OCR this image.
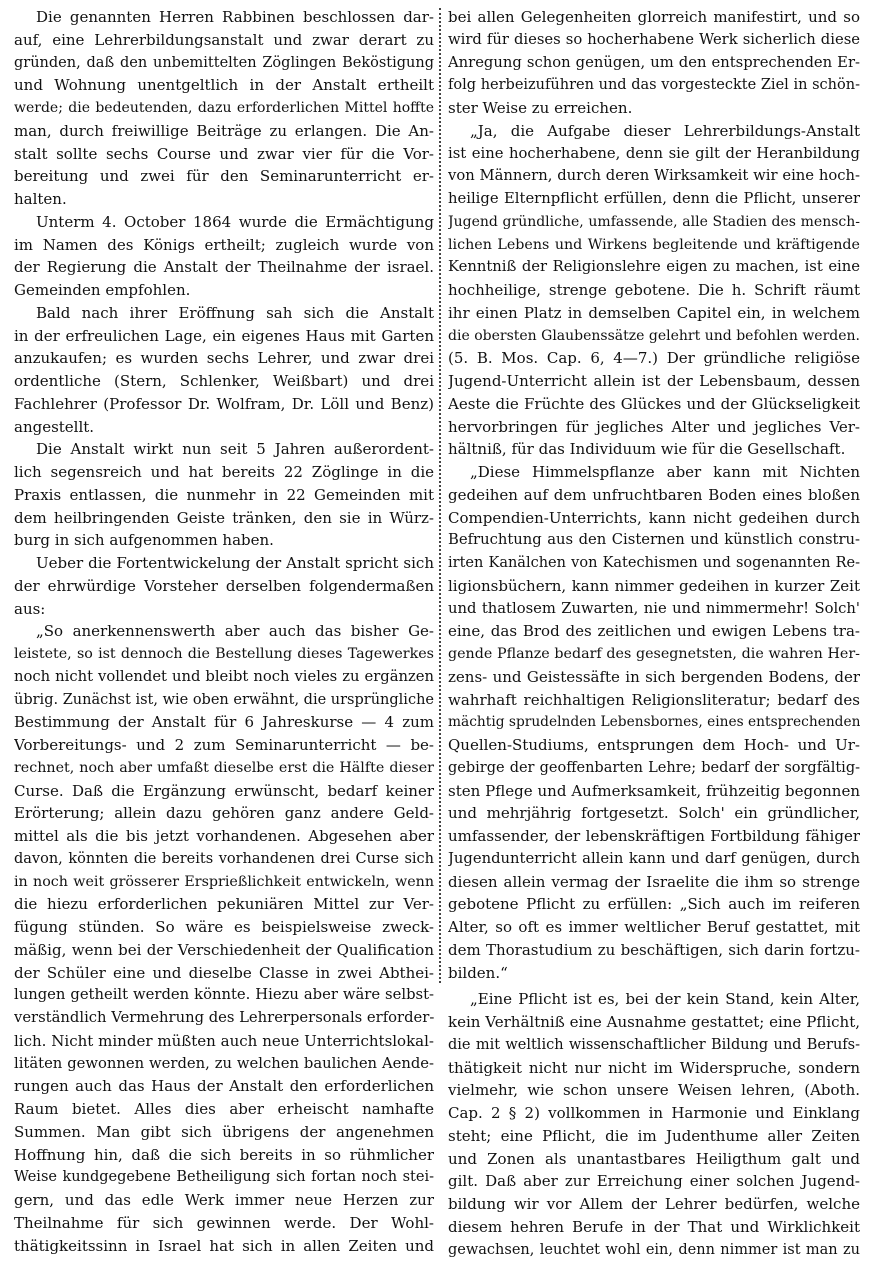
Die genannten Herren Rabbinen beschlossen dar-
auf, eine Lehrerbildungsanstalt und zwar derart zu
gründen, daß den unbemittelten Zöglingen Beköstigung
und Wohnung unentgeltlich in der Anstalt ertheilt
werde; die bedeutenden, dazu erforderlichen Mittel hoffte
man, durch freiwillige Beiträge zu erlangen. Die An-
stalt sollte sechs Course und zwar vier für die Vor-
bereitung und zwei für den Seminarunterricht er-
halten.
Unterm 4. October 1864 wurde die Ermächtigung
im Namen des Königs ertheilt; zugleich wurde von
der Regierung die Anstalt der Theilnahme der israel.
Gemeinden empfohlen.
Bald nach ihrer Eröffnung sah sich die Anstalt
in der erfreulichen Lage, ein eigenes Haus mit Garten
anzukaufen; es wurden sechs Lehrer, und zwar drei
ordentliche (Stern, Schlenker, Weißbart) und drei
Fachlehrer (Professor Dr. Wolfram, Dr. Löll und Benz)
angestellt.
Die Anstalt wirkt nun seit 5 Jahren außerordent-
lich segensreich und hat bereits 22 Zöglinge in die
Praxis entlassen, die nunmehr in 22 Gemeinden mit
dem heilbringenden Geiste tränken, den sie in Würz-
burg in sich aufgenommen haben.
Ueber die Fortentwickelung der Anstalt spricht sich
der ehrwürdige Vorsteher derselben folgendermaßen
aus:
„So anerkennenswerth aber auch das bisher Ge-
leistete, so ist dennoch die Bestellung dieses Tagewerkes
noch nicht vollendet und bleibt noch vieles zu ergänzen
übrig. Zunächst ist, wie oben erwähnt, die ursprüngliche
Bestimmung der Anstalt für 6 Jahreskurse — 4 zum
Vorbereitungs- und 2 zum Seminarunterricht — be-
rechnet, noch aber umfaßt dieselbe erst die Hälfte dieser
Curse. Daß die Ergänzung erwünscht, bedarf keiner
Erörterung; allein dazu gehören ganz andere Geld-
mittel als die bis jetzt vorhandenen. Abgesehen aber
davon, könnten die bereits vorhandenen drei Curse sich
in noch weit grösserer Ersprießlichkeit entwickeln, wenn
die hiezu erforderlichen pekuniären Mittel zur Ver-
fügung stünden. So wäre es beispielsweise zweck-
mäßig, wenn bei der Verschiedenheit der Qualification
der Schüler eine und dieselbe Classe in zwei Abthei-
lungen getheilt werden könnte. Hiezu aber wäre selbst-
verständlich Vermehrung des Lehrerpersonals erforder-
lich. Nicht minder müßten auch neue Unterrichtslokal-
litäten gewonnen werden, zu welchen baulichen Aende-
rungen auch das Haus der Anstalt den erforderlichen
Raum bietet. Alles dies aber erheischt namhafte
Summen. Man gibt sich übrigens der angenehmen
Hoffnung hin, daß die sich bereits in so rühmlicher
Weise kundgegebene Betheiligung sich fortan noch stei-
gern, und das edle Werk immer neue Herzen zur
Theilnahme für sich gewinnen werde. Der Wohl-
thätigkeitssinn in Israel hat sich in allen Zeiten und
bei allen Gelegenheiten glorreich manifestirt, und so
wird für dieses so hocherhabene Werk sicherlich diese
Anregung schon genügen, um den entsprechenden Er-
folg herbeizuführen und das vorgesteckte Ziel in schön-
ster Weise zu erreichen.
„Ja, die Aufgabe dieser Lehrerbildungs-Anstalt
ist eine hocherhabene, denn sie gilt der Heranbildung
von Männern, durch deren Wirksamkeit wir eine hoch-
heilige Elternpflicht erfüllen, denn die Pflicht, unserer
Jugend gründliche, umfassende, alle Stadien des mensch-
lichen Lebens und Wirkens begleitende und kräftigende
Kenntniß der Religionslehre eigen zu machen, ist eine
hochheilige, strenge gebotene. Die h. Schrift räumt
ihr einen Platz in demselben Capitel ein, in welchem
die obersten Glaubenssätze gelehrt und befohlen werden.
(5. B. Mos. Cap. 6, 4—7.) Der gründliche religiöse
Jugend-Unterricht allein ist der Lebensbaum, dessen
Aeste die Früchte des Glückes und der Glückseligkeit
hervorbringen für jegliches Alter und jegliches Ver-
hältniß, für das Individuum wie für die Gesellschaft.
„Diese Himmelspflanze aber kann mit Nichten
gedeihen auf dem unfruchtbaren Boden eines bloßen
Compendien-Unterrichts, kann nicht gedeihen durch
Befruchtung aus den Cisternen und künstlich constru-
irten Kanälchen von Katechismen und sogenannten Re-
ligionsbüchern, kann nimmer gedeihen in kurzer Zeit
und thatlosem Zuwarten, nie und nimmermehr! Solch'
eine, das Brod des zeitlichen und ewigen Lebens tra-
gende Pflanze bedarf des gesegnetsten, die wahren Her-
zens- und Geistessäfte in sich bergenden Bodens, der
wahrhaft reichhaltigen Religionsliteratur; bedarf des
mächtig sprudelnden Lebensbornes, eines entsprechenden
Quellen-Studiums, entsprungen dem Hoch- und Ur-
gebirge der geoffenbarten Lehre; bedarf der sorgfältig-
sten Pflege und Aufmerksamkeit, frühzeitig begonnen
und mehrjährig fortgesetzt. Solch' ein gründlicher,
umfassender, der lebenskräftigen Fortbildung fähiger
Jugendunterricht allein kann und darf genügen, durch
diesen allein vermag der Israelite die ihm so strenge
gebotene Pflicht zu erfüllen: „Sich auch im reiferen
Alter, so oft es immer weltlicher Beruf gestattet, mit
dem Thorastudium zu beschäftigen, sich darin fortzu-
bilden.“
„Eine Pflicht ist es, bei der kein Stand, kein Alter,
kein Verhältniß eine Ausnahme gestattet; eine Pflicht,
die mit weltlich wissenschaftlicher Bildung und Berufs-
thätigkeit nicht nur nicht im Widerspruche, sondern
vielmehr, wie schon unsere Weisen lehren, (Aboth.
Cap. 2 § 2) vollkommen in Harmonie und Einklang
steht; eine Pflicht, die im Judenthume aller Zeiten
und Zonen als unantastbares Heiligthum galt und
gilt. Daß aber zur Erreichung einer solchen Jugend-
bildung wir vor Allem der Lehrer bedürfen, welche
diesem hehren Berufe in der That und Wirklichkeit
gewachsen, leuchtet wohl ein, denn nimmer ist man zu
